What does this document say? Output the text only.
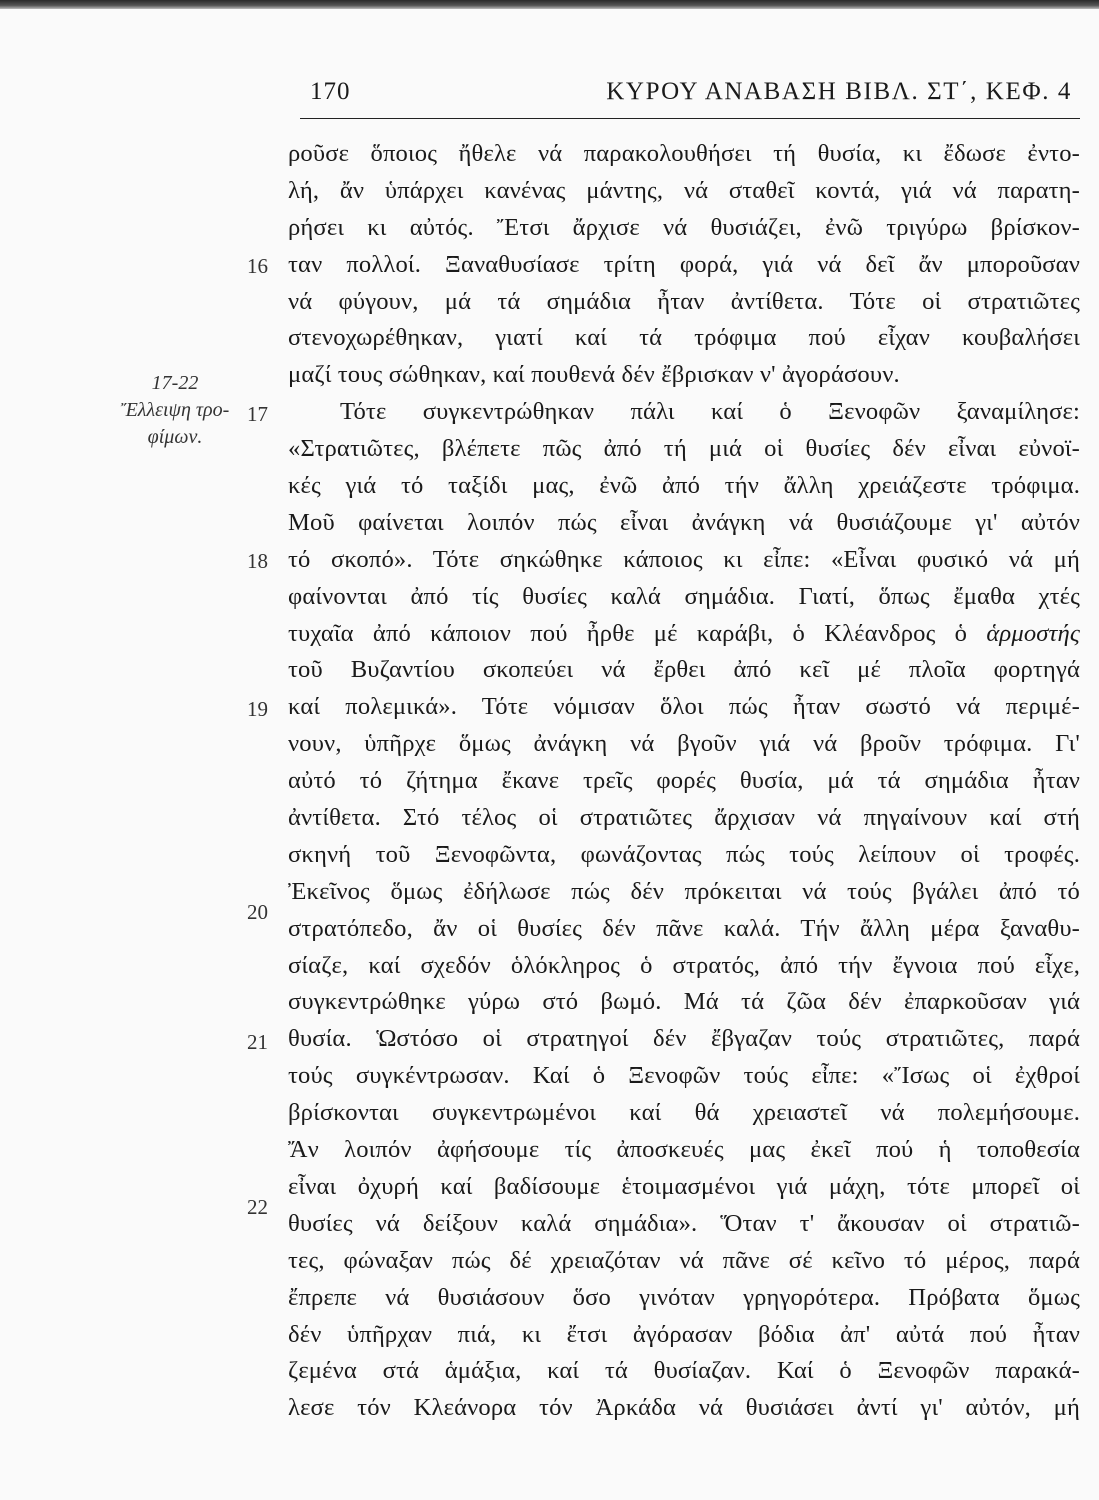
170	ΚΥΡΟΥ ΑΝΑΒΑΣΗ ΒΙΒΛ. ΣΤ΄, ΚΕΦ. 4
17-22
Ἔλλειψη τρο-
φίμων.
16
17
18
19
20
21
22
ροῦσε ὅποιος ἤθελε νά παρακολουθήσει τή θυσία, κι ἔδωσε ἐντο-
λή, ἄν ὑπάρχει κανένας μάντης, νά σταθεῖ κοντά, γιά νά παρατη-
ρήσει κι αὐτός. Ἔτσι ἄρχισε νά θυσιάζει, ἐνῶ τριγύρω βρίσκον-
ταν πολλοί. Ξαναθυσίασε τρίτη φορά, γιά νά δεῖ ἄν μποροῦσαν
νά φύγουν, μά τά σημάδια ἦταν ἀντίθετα. Τότε οἱ στρατιῶτες
στενοχωρέθηκαν, γιατί καί τά τρόφιμα πού εἶχαν κουβαλήσει
μαζί τους σώθηκαν, καί πουθενά δέν ἔβρισκαν ν' ἀγοράσουν.
Τότε συγκεντρώθηκαν πάλι καί ὁ Ξενοφῶν ξαναμίλησε:
«Στρατιῶτες, βλέπετε πῶς ἀπό τή μιά οἱ θυσίες δέν εἶναι εὐνοϊ-
κές γιά τό ταξίδι μας, ἐνῶ ἀπό τήν ἄλλη χρειάζεστε τρόφιμα.
Μοῦ φαίνεται λοιπόν πώς εἶναι ἀνάγκη νά θυσιάζουμε γι' αὐτόν
τό σκοπό». Τότε σηκώθηκε κάποιος κι εἶπε: «Εἶναι φυσικό νά μή
φαίνονται ἀπό τίς θυσίες καλά σημάδια. Γιατί, ὅπως ἔμαθα χτές
τυχαῖα ἀπό κάποιον πού ἦρθε μέ καράβι, ὁ Κλέανδρος ὁ ἁρμοστής
τοῦ Βυζαντίου σκοπεύει νά ἔρθει ἀπό κεῖ μέ πλοῖα φορτηγά
καί πολεμικά». Τότε νόμισαν ὅλοι πώς ἦταν σωστό νά περιμέ-
νουν, ὑπῆρχε ὅμως ἀνάγκη νά βγοῦν γιά νά βροῦν τρόφιμα. Γι'
αὐτό τό ζήτημα ἔκανε τρεῖς φορές θυσία, μά τά σημάδια ἦταν
ἀντίθετα. Στό τέλος οἱ στρατιῶτες ἄρχισαν νά πηγαίνουν καί στή
σκηνή τοῦ Ξενοφῶντα, φωνάζοντας πώς τούς λείπουν οἱ τροφές.
Ἐκεῖνος ὅμως ἐδήλωσε πώς δέν πρόκειται νά τούς βγάλει ἀπό τό
στρατόπεδο, ἄν οἱ θυσίες δέν πᾶνε καλά. Τήν ἄλλη μέρα ξαναθυ-
σίαζε, καί σχεδόν ὁλόκληρος ὁ στρατός, ἀπό τήν ἔγνοια πού εἶχε,
συγκεντρώθηκε γύρω στό βωμό. Μά τά ζῶα δέν ἐπαρκοῦσαν γιά
θυσία. Ὡστόσο οἱ στρατηγοί δέν ἔβγαζαν τούς στρατιῶτες, παρά
τούς συγκέντρωσαν. Καί ὁ Ξενοφῶν τούς εἶπε: «Ἴσως οἱ ἐχθροί
βρίσκονται συγκεντρωμένοι καί θά χρειαστεῖ νά πολεμήσουμε.
Ἄν λοιπόν ἀφήσουμε τίς ἀποσκευές μας ἐκεῖ πού ἡ τοποθεσία
εἶναι ὀχυρή καί βαδίσουμε ἑτοιμασμένοι γιά μάχη, τότε μπορεῖ οἱ
θυσίες νά δείξουν καλά σημάδια». Ὅταν τ' ἄκουσαν οἱ στρατιῶ-
τες, φώναξαν πώς δέ χρειαζόταν νά πᾶνε σέ κεῖνο τό μέρος, παρά
ἔπρεπε νά θυσιάσουν ὅσο γινόταν γρηγορότερα. Πρόβατα ὅμως
δέν ὑπῆρχαν πιά, κι ἔτσι ἀγόρασαν βόδια ἀπ' αὐτά πού ἦταν
ζεμένα στά ἁμάξια, καί τά θυσίαζαν. Καί ὁ Ξενοφῶν παρακά-
λεσε τόν Κλεάνορα τόν Ἀρκάδα νά θυσιάσει ἀντί γι' αὐτόν, μή
